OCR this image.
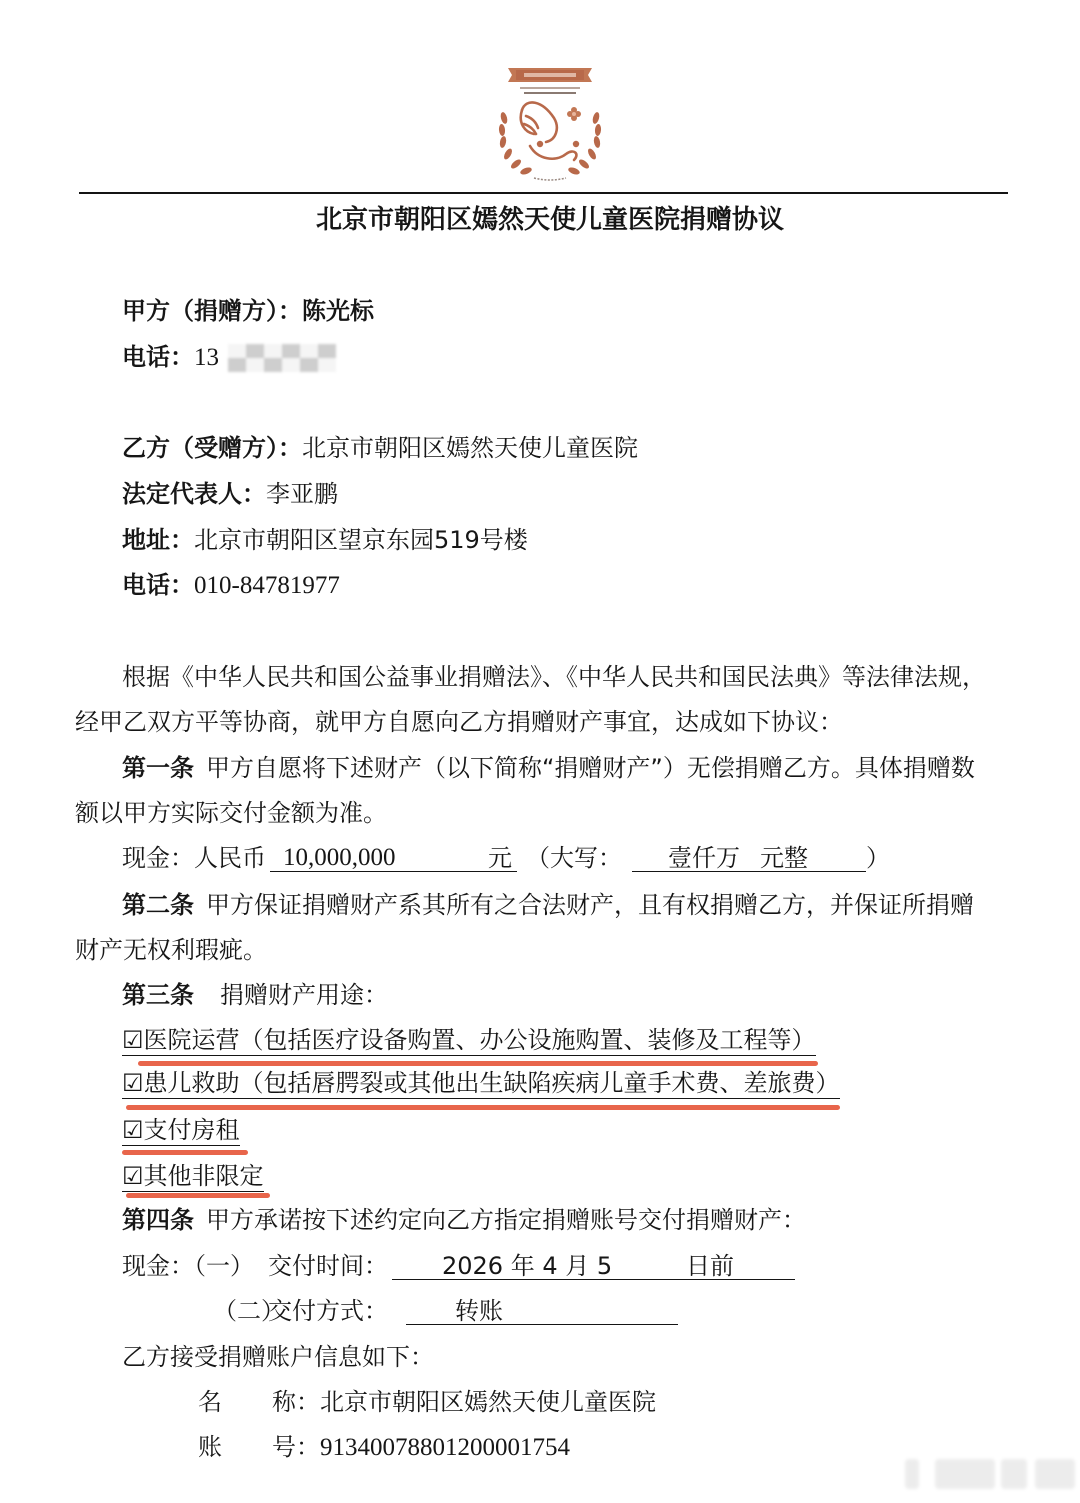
北京市朝阳区嫣然天使儿童医院捐赠协议
甲方（捐赠方）：陈光标
电话：13
乙方（受赠方）：北京市朝阳区嫣然天使儿童医院
法定代表人：李亚鹏
地址：北京市朝阳区望京东园519号楼
电话：010-84781977
根据《中华人民共和国公益事业捐赠法》、《中华人民共和国民法典》等法律法规，
经甲乙双方平等协商，就甲方自愿向乙方捐赠财产事宜，达成如下协议：
第一条 甲方自愿将下述财产（以下简称“捐赠财产”）无偿捐赠乙方。具体捐赠数
额以甲方实际交付金额为准。
现金：人民币 10,000,000	元 （大写： 壹仟万 元整 ）
第二条 甲方保证捐赠财产系其所有之合法财产，且有权捐赠乙方，并保证所捐赠
财产无权利瑕疵。
第三条 捐赠财产用途：
☑医院运营（包括医疗设备购置、办公设施购置、装修及工程等）
☑患儿救助（包括唇腭裂或其他出生缺陷疾病儿童手术费、差旅费）
☑支付房租
☑其他非限定
第四条 甲方承诺按下述约定向乙方指定捐赠账号交付捐赠财产：
现金：（一） 交付时间： 2026 年 4 月 5	日前
（二）
交付方式：	转账
乙方接受捐赠账户信息如下：
名 称：北京市朝阳区嫣然天使儿童医院
账 号：91340078801200001754
